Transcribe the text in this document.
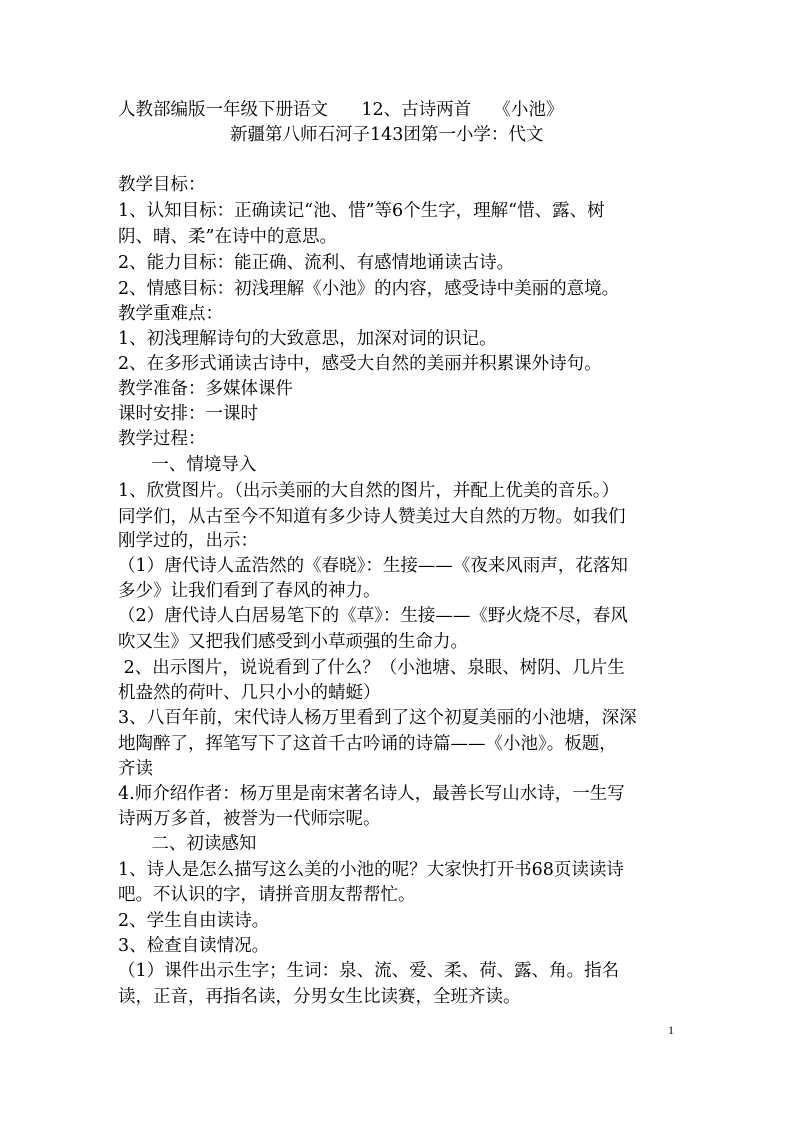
人教部编版一年级下册语文      12、古诗两首    《小池》
新疆第八师石河子143团第一小学：代文
教学目标：
1、认知目标：正确读记“池、惜”等6个生字，理解“惜、露、树
阴、晴、柔”在诗中的意思。
2、能力目标：能正确、流利、有感情地诵读古诗。
2、情感目标：初浅理解《小池》的内容，感受诗中美丽的意境。
教学重难点：
1、初浅理解诗句的大致意思，加深对词的识记。
2、在多形式诵读古诗中，感受大自然的美丽并积累课外诗句。
教学准备：多媒体课件
课时安排：一课时
教学过程：
一、情境导入
1、欣赏图片。（出示美丽的大自然的图片，并配上优美的音乐。）
同学们，从古至今不知道有多少诗人赞美过大自然的万物。如我们
刚学过的，出示：
（1）唐代诗人孟浩然的《春晓》：生接——《夜来风雨声，花落知
多少》让我们看到了春风的神力。
（2）唐代诗人白居易笔下的《草》：生接——《野火烧不尽，春风
吹又生》又把我们感受到小草顽强的生命力。
2、出示图片，说说看到了什么？（小池塘、泉眼、树阴、几片生
机盎然的荷叶、几只小小的蜻蜓）
3、八百年前，宋代诗人杨万里看到了这个初夏美丽的小池塘，深深
地陶醉了，挥笔写下了这首千古吟诵的诗篇——《小池》。板题，
齐读
4.师介绍作者：杨万里是南宋著名诗人，最善长写山水诗，一生写
诗两万多首，被誉为一代师宗呢。
二、初读感知
1、诗人是怎么描写这么美的小池的呢？大家快打开书68页读读诗
吧。不认识的字，请拼音朋友帮帮忙。
2、学生自由读诗。
3、检查自读情况。
（1）课件出示生字；生词：泉、流、爱、柔、荷、露、角。指名
读，正音，再指名读，分男女生比读赛，全班齐读。
1
